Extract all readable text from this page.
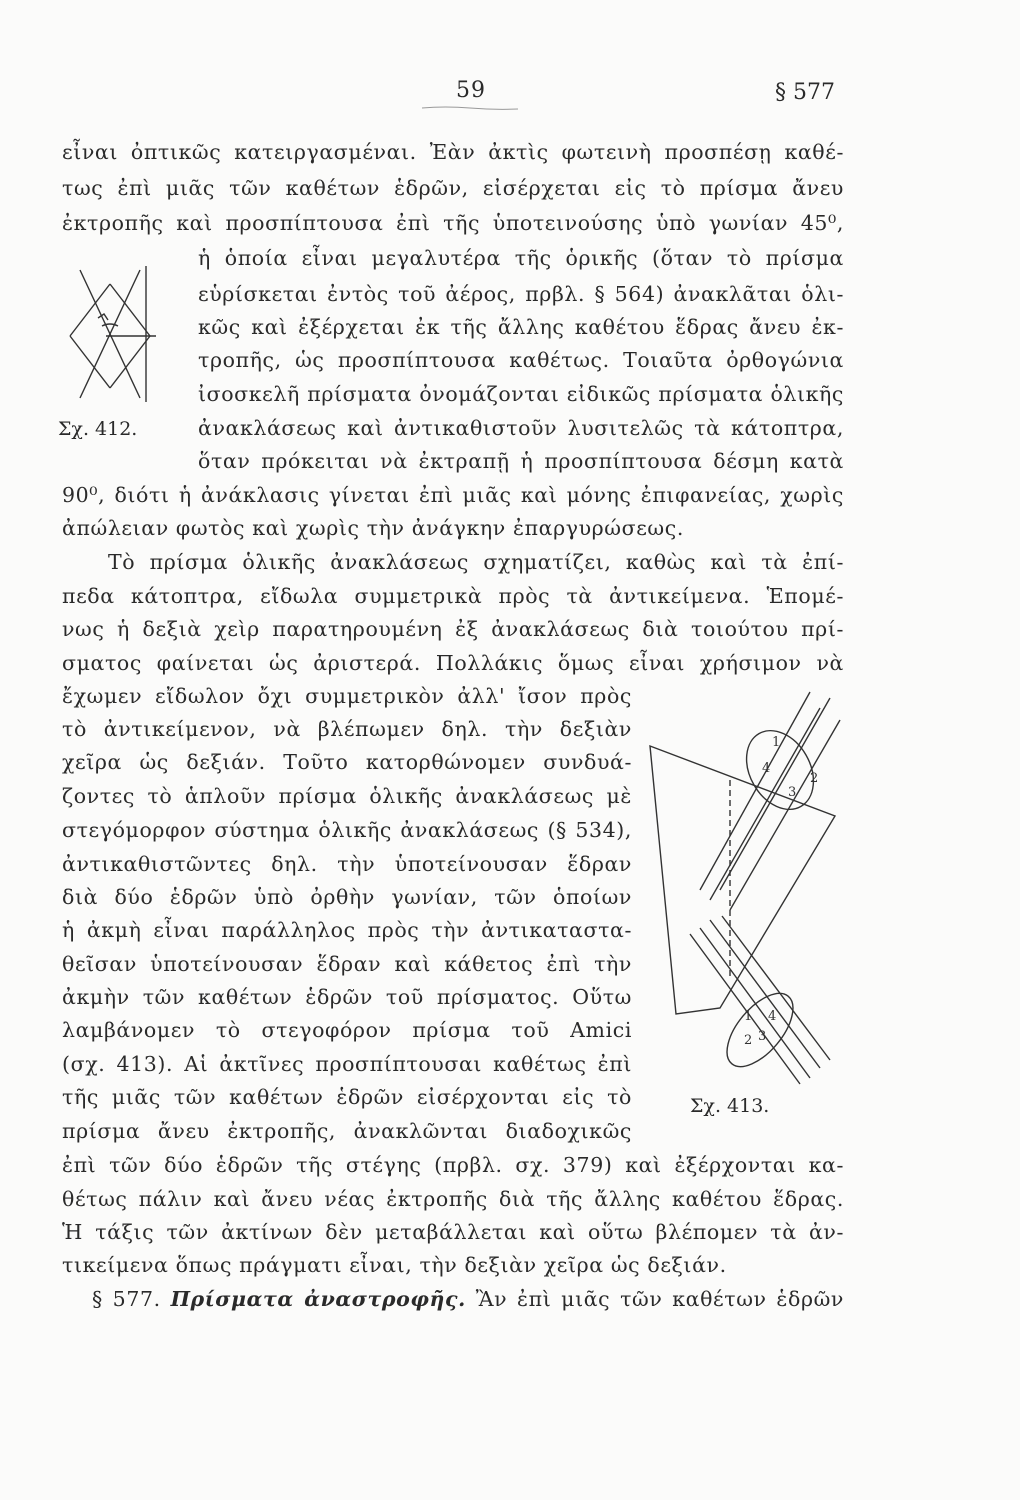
59	§ 577
εἶναι ὀπτικῶς κατειργασμέναι. Ἐὰν ἀκτὶς φωτεινὴ προσπέσῃ καθέ-
τως ἐπὶ μιᾶς τῶν καθέτων ἑδρῶν, εἰσέρχεται εἰς τὸ πρίσμα ἄνευ
ἐκτροπῆς καὶ προσπίπτουσα ἐπὶ τῆς ὑποτεινούσης ὑπὸ γωνίαν 45⁰,
ἡ ὁποία εἶναι μεγαλυτέρα τῆς ὁρικῆς (ὅταν τὸ πρίσμα
εὑρίσκεται ἐντὸς τοῦ ἀέρος, πρβλ. § 564) ἀνακλᾶται ὁλι-
κῶς καὶ ἐξέρχεται ἐκ τῆς ἄλλης καθέτου ἕδρας ἄνευ ἐκ-
τροπῆς, ὡς προσπίπτουσα καθέτως. Τοιαῦτα ὀρθογώνια
ἰσοσκελῆ πρίσματα ὀνομάζονται εἰδικῶς πρίσματα ὁλικῆς
ἀνακλάσεως καὶ ἀντικαθιστοῦν λυσιτελῶς τὰ κάτοπτρα,
ὅταν πρόκειται νὰ ἐκτραπῇ ἡ προσπίπτουσα δέσμη κατὰ
90⁰, διότι ἡ ἀνάκλασις γίνεται ἐπὶ μιᾶς καὶ μόνης ἐπιφανείας, χωρὶς
ἀπώλειαν φωτὸς καὶ χωρὶς τὴν ἀνάγκην ἐπαργυρώσεως.
Τὸ πρίσμα ὁλικῆς ἀνακλάσεως σχηματίζει, καθὼς καὶ τὰ ἐπί-
πεδα κάτοπτρα, εἴδωλα συμμετρικὰ πρὸς τὰ ἀντικείμενα. Ἑπομέ-
νως ἡ δεξιὰ χεὶρ παρατηρουμένη ἐξ ἀνακλάσεως διὰ τοιούτου πρί-
σματος φαίνεται ὡς ἀριστερά. Πολλάκις ὅμως εἶναι χρήσιμον νὰ
ἔχωμεν εἴδωλον ὄχι συμμετρικὸν ἀλλ' ἴσον πρὸς
τὸ ἀντικείμενον, νὰ βλέπωμεν δηλ. τὴν δεξιὰν
χεῖρα ὡς δεξιάν. Τοῦτο κατορθώνομεν συνδυά-
ζοντες τὸ ἁπλοῦν πρίσμα ὁλικῆς ἀνακλάσεως μὲ
στεγόμορφον σύστημα ὁλικῆς ἀνακλάσεως (§ 534),
ἀντικαθιστῶντες δηλ. τὴν ὑποτείνουσαν ἕδραν
διὰ δύο ἑδρῶν ὑπὸ ὀρθὴν γωνίαν, τῶν ὁποίων
ἡ ἀκμὴ εἶναι παράλληλος πρὸς τὴν ἀντικαταστα-
θεῖσαν ὑποτείνουσαν ἕδραν καὶ κάθετος ἐπὶ τὴν
ἀκμὴν τῶν καθέτων ἑδρῶν τοῦ πρίσματος. Οὕτω
λαμβάνομεν τὸ στεγοφόρον πρίσμα τοῦ Amici
(σχ. 413). Αἱ ἀκτῖνες προσπίπτουσαι καθέτως ἐπὶ
τῆς μιᾶς τῶν καθέτων ἑδρῶν εἰσέρχονται εἰς τὸ
πρίσμα ἄνευ ἐκτροπῆς, ἀνακλῶνται διαδοχικῶς
ἐπὶ τῶν δύο ἑδρῶν τῆς στέγης (πρβλ. σχ. 379) καὶ ἐξέρχονται κα-
θέτως πάλιν καὶ ἄνευ νέας ἐκτροπῆς διὰ τῆς ἄλλης καθέτου ἕδρας.
Ἡ τάξις τῶν ἀκτίνων δὲν μεταβάλλεται καὶ οὕτω βλέπομεν τὰ ἀν-
τικείμενα ὅπως πράγματι εἶναι, τὴν δεξιὰν χεῖρα ὡς δεξιάν.
§ 577. Πρίσματα ἀναστροφῆς. Ἂν ἐπὶ μιᾶς τῶν καθέτων ἑδρῶν
Σχ. 412.
1
2
3
4
1
2 3
4
Σχ. 413.
